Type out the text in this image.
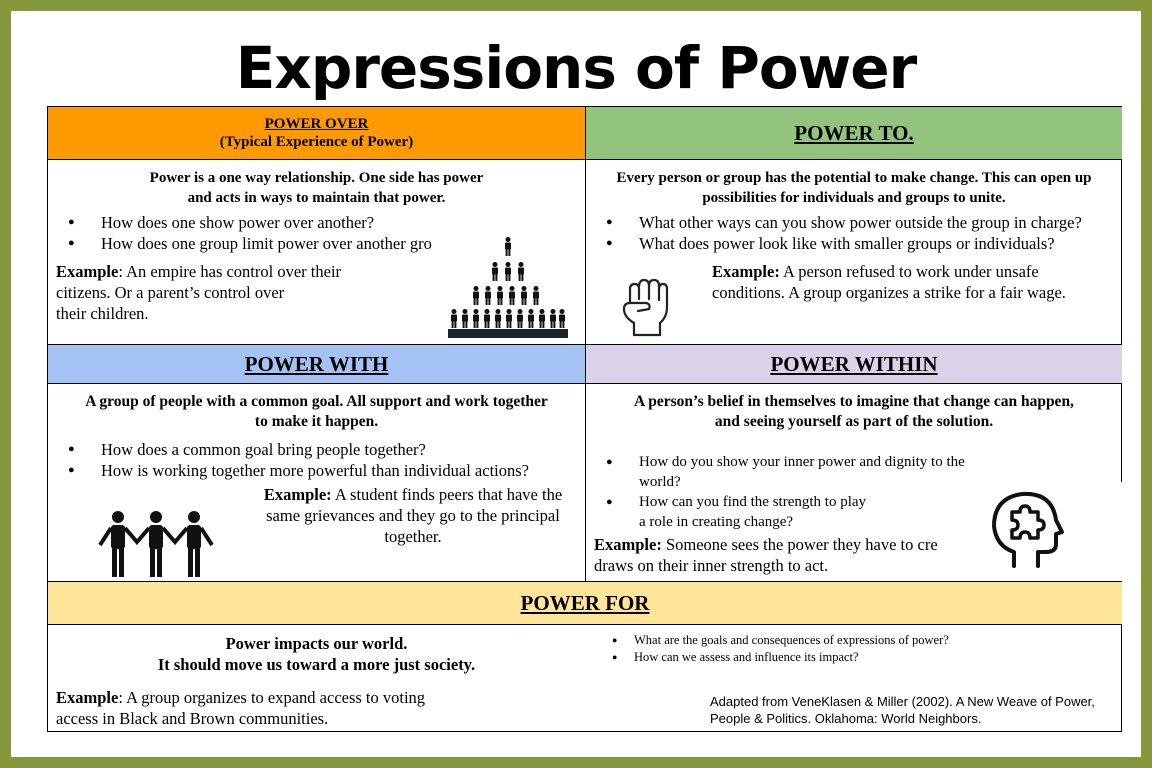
Expressions of Power
POWER OVER
(Typical Experience of Power)	POWER TO.
Power is a one way relationship. One side has power
and acts in ways to maintain that power.
● How does one show power over another?
● How does one group limit power over another gro
Example: An empire has control over their
citizens. Or a parent’s control over
their children.
Every person or group has the potential to make change. This can open up
possibilities for individuals and groups to unite.
● What other ways can you show power outside the group in charge?
● What does power look like with smaller groups or individuals?
Example: A person refused to work under unsafe
conditions. A group organizes a strike for a fair wage.
POWER WITH	POWER WITHIN
A group of people with a common goal. All support and work together
to make it happen.
● How does a common goal bring people together?
● How is working together more powerful than individual actions?
Example: A student finds peers that have the
same grievances and they go to the principal
together.
A person’s belief in themselves to imagine that change can happen,
and seeing yourself as part of the solution.
● How do you show your inner power and dignity to the
world?
● How can you find the strength to play
a role in creating change?
Example: Someone sees the power they have to cre
draws on their inner strength to act.
POWER FOR
Power impacts our world.
It should move us toward a more just society.
Example: A group organizes to expand access to voting
access in Black and Brown communities.
● What are the goals and consequences of expressions of power?
● How can we assess and influence its impact?
Adapted from VeneKlasen & Miller (2002). A New Weave of Power,
People & Politics. Oklahoma: World Neighbors.
